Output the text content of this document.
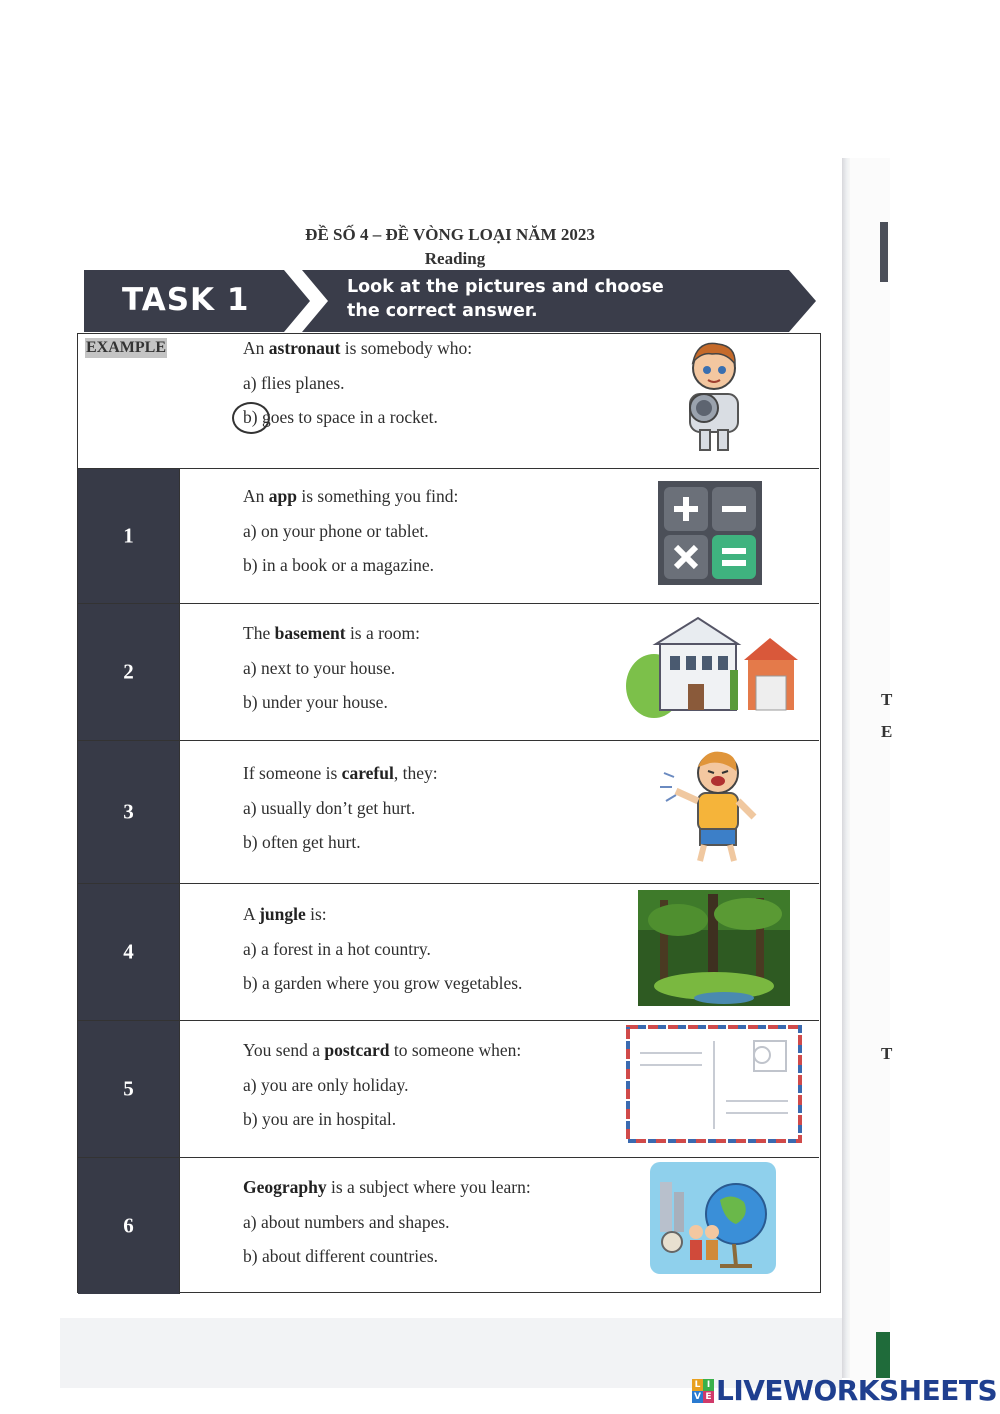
T
E
T
ĐỀ SỐ 4 – ĐỀ VÒNG LOẠI NĂM 2023
Reading
TASK 1	Look at the pictures and choose
the correct answer.
EXAMPLE	An astronaut is somebody who:
a) flies planes.
b) goes to space in a rocket.
1
An app is something you find:
a) on your phone or tablet.
b) in a book or a magazine.
2
The basement is a room:
a) next to your house.
b) under your house.
3
If someone is careful, they:
a) usually don’t get hurt.
b) often get hurt.
4
A jungle is:
a) a forest in a hot country.
b) a garden where you grow vegetables.
5
You send a postcard to someone when:
a) you are only holiday.
b) you are in hospital.
6
Geography is a subject where you learn:
a) about numbers and shapes.
b) about different countries.
L I
V E LIVEWORKSHEETS
